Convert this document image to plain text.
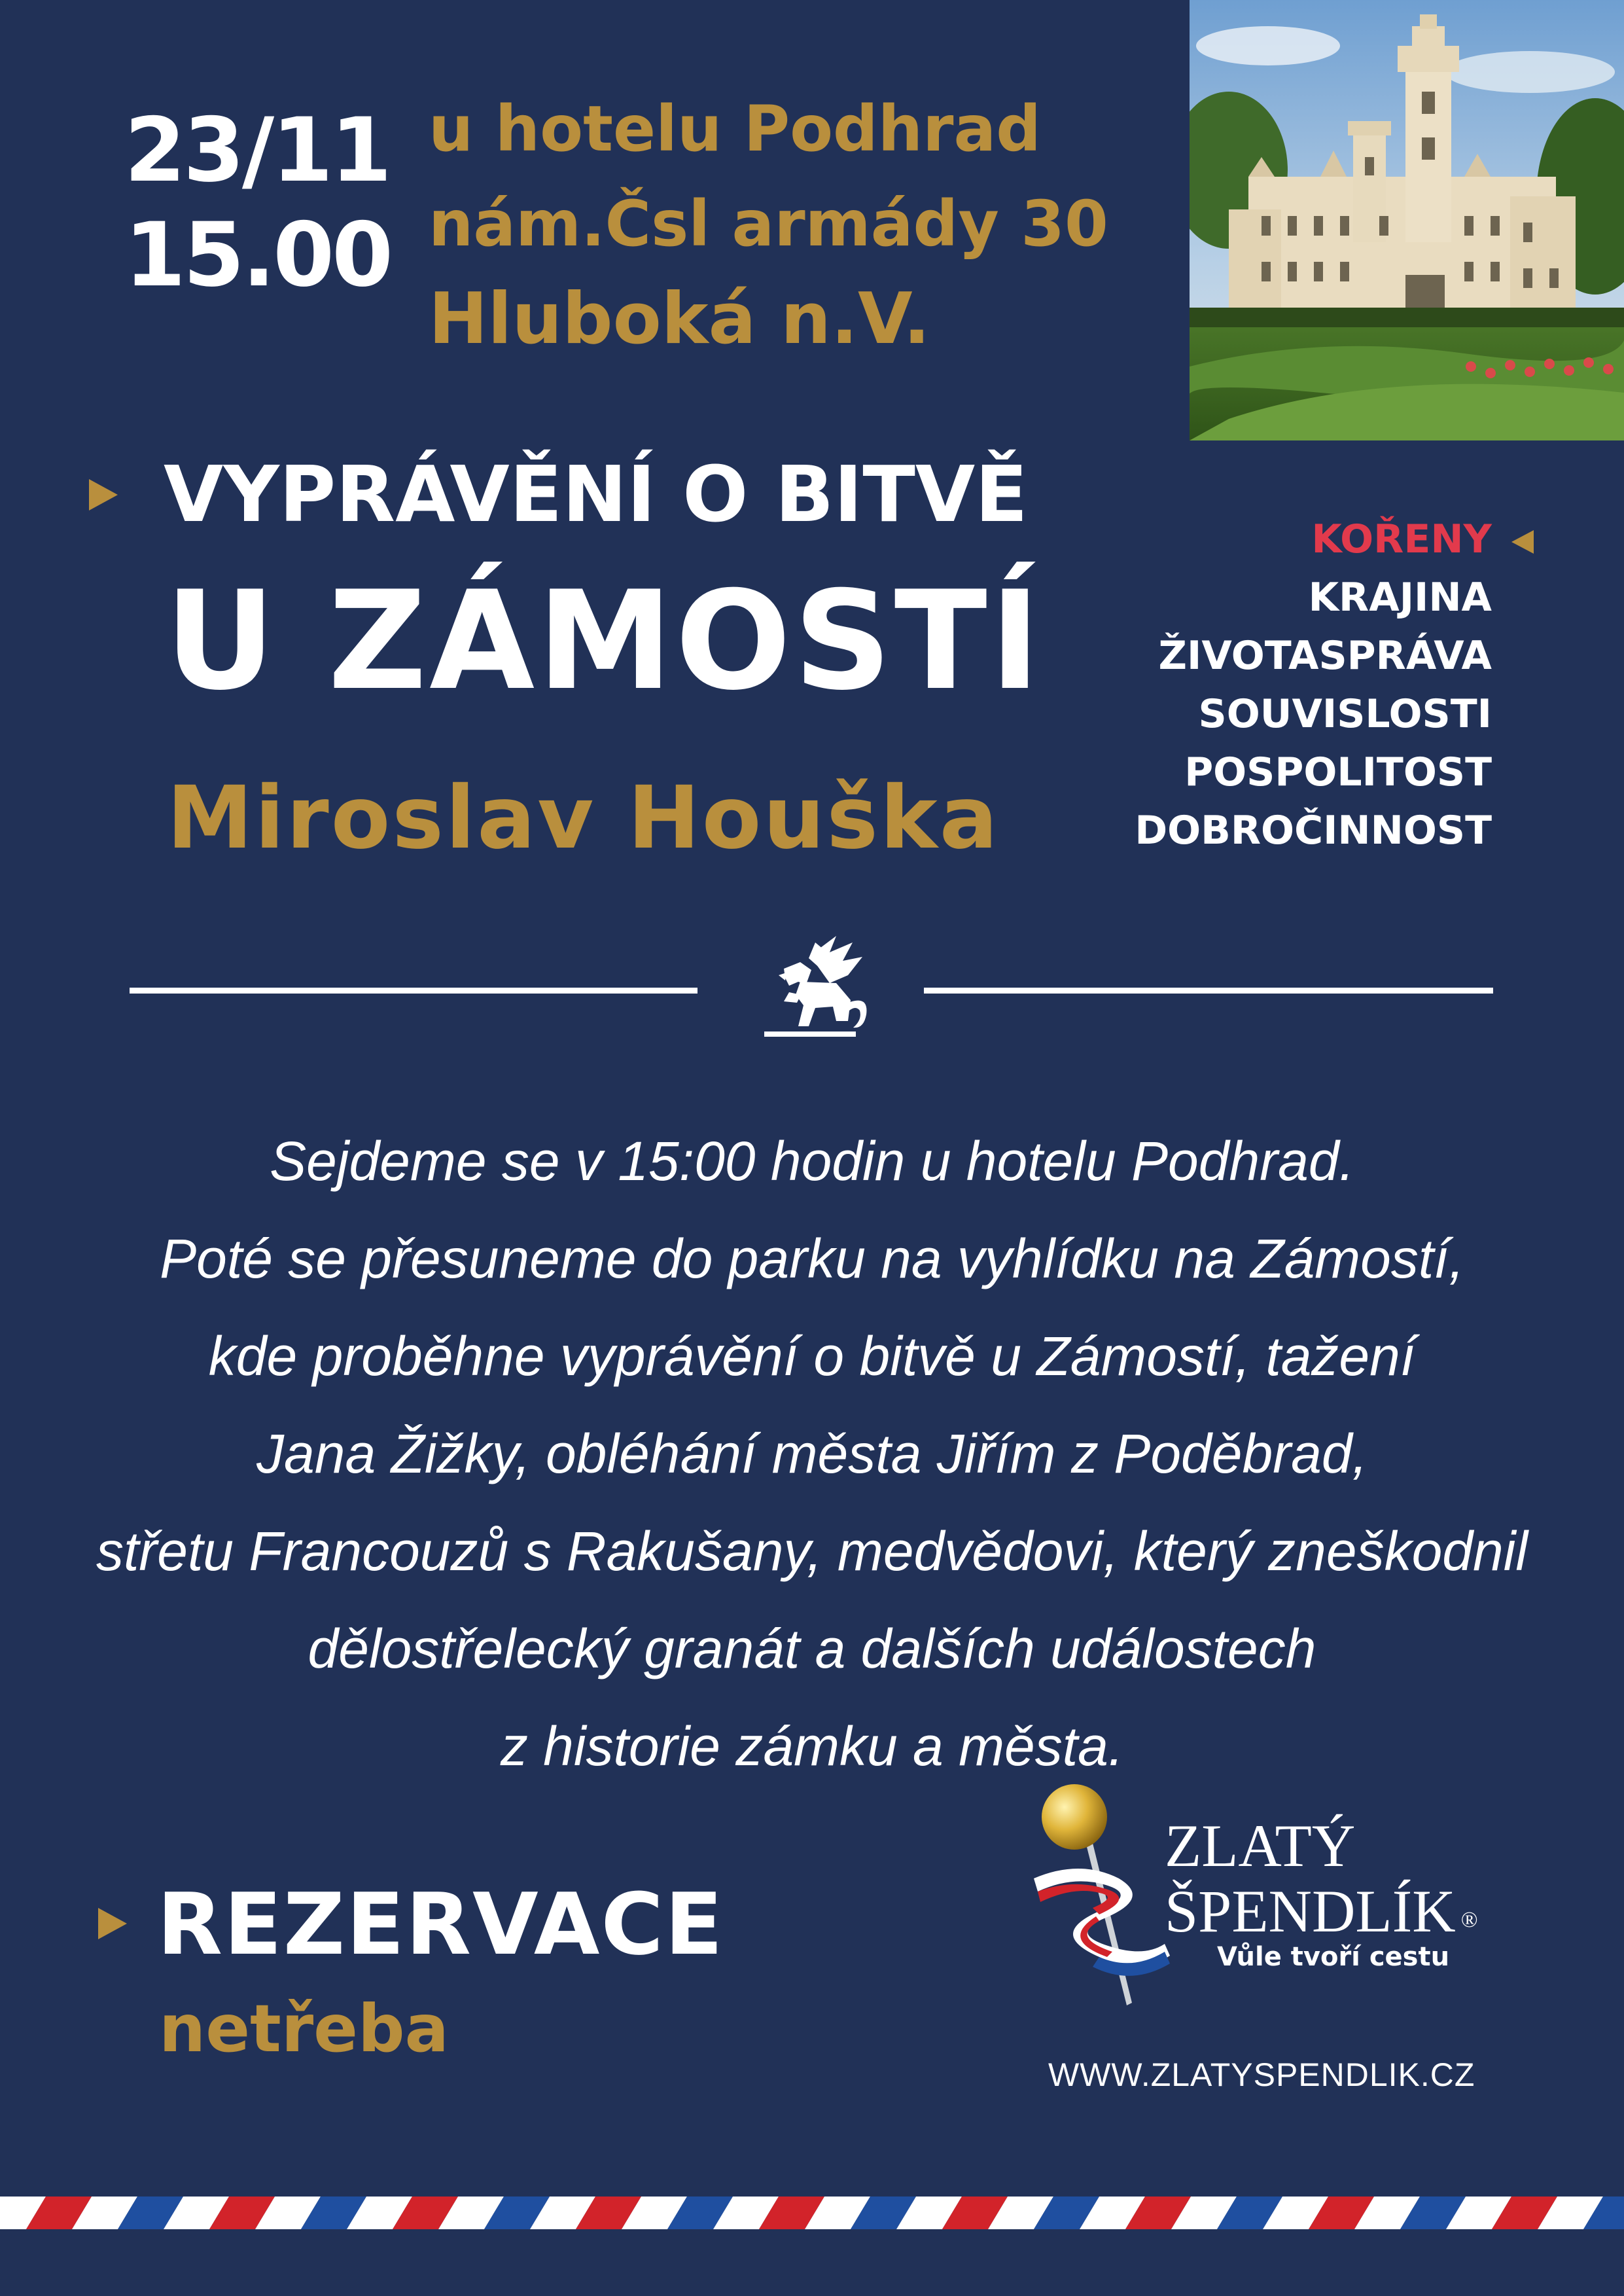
23/11
15.00
u hotelu Podhrad
nám.Čsl armády 30
Hluboká n.V.
VYPRÁVĚNÍ O BITVĚ
U ZÁMOSTÍ
Miroslav Houška
KOŘENY
KRAJINA
ŽIVOTASPRÁVA
SOUVISLOSTI
POSPOLITOST
DOBROČINNOST
Sejdeme se v 15:00 hodin u hotelu Podhrad.
Poté se přesuneme do parku na vyhlídku na Zámostí,
kde proběhne vyprávění o bitvě u Zámostí, tažení
Jana Žižky, obléhání města Jiřím z Poděbrad,
střetu Francouzů s Rakušany, medvědovi, který zneškodnil
dělostřelecký granát a dalších událostech
z historie zámku a města.
REZERVACE
netřeba
ZLATÝ
ŠPENDLÍK ®
Vůle tvoří cestu
WWW.ZLATYSPENDLIK.CZ
